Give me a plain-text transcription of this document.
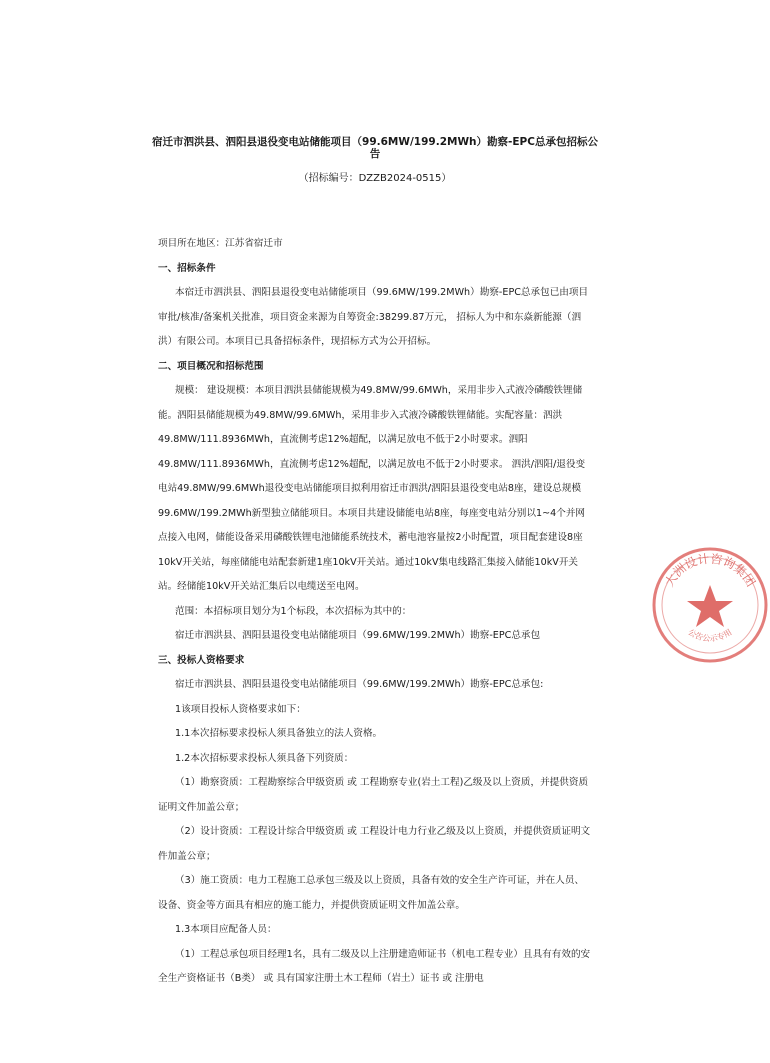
宿迁市泗洪县、泗阳县退役变电站储能项目（99.6MW/199.2MWh）勘察-EPC总承包招标公告
（招标编号：DZZB2024-0515）

项目所在地区：江苏省宿迁市

一、招标条件

本宿迁市泗洪县、泗阳县退役变电站储能项目（99.6MW/199.2MWh）勘察-EPC总承包已由项目审批/核准/备案机关批准，项目资金来源为自筹资金:38299.87万元， 招标人为中和东焱新能源（泗洪）有限公司。本项目已具备招标条件，现招标方式为公开招标。

二、项目概况和招标范围

规模： 建设规模：本项目泗洪县储能规模为49.8MW/99.6MWh，采用非步入式液冷磷酸铁锂储能。泗阳县储能规模为49.8MW/99.6MWh，采用非步入式液冷磷酸铁锂储能。实配容量：泗洪49.8MW/111.8936MWh，直流侧考虑12%超配，以满足放电不低于2小时要求。泗阳49.8MW/111.8936MWh，直流侧考虑12%超配，以满足放电不低于2小时要求。 泗洪/泗阳/退役变电站49.8MW/99.6MWh退役变电站储能项目拟利用宿迁市泗洪/泗阳县退役变电站8座，建设总规模99.6MW/199.2MWh新型独立储能项目。本项目共建设储能电站8座，每座变电站分别以1~4个并网点接入电网，储能设备采用磷酸铁锂电池储能系统技术，蓄电池容量按2小时配置，项目配套建设8座10kV开关站，每座储能电站配套新建1座10kV开关站。通过10kV集电线路汇集接入储能10kV开关站。经储能10kV开关站汇集后以电缆送至电网。

范围：本招标项目划分为1个标段，本次招标为其中的：

宿迁市泗洪县、泗阳县退役变电站储能项目（99.6MW/199.2MWh）勘察-EPC总承包

三、投标人资格要求

宿迁市泗洪县、泗阳县退役变电站储能项目（99.6MW/199.2MWh）勘察-EPC总承包:

1该项目投标人资格要求如下：

1.1本次招标要求投标人须具备独立的法人资格。

1.2本次招标要求投标人须具备下列资质：

（1）勘察资质：工程勘察综合甲级资质 或 工程勘察专业(岩土工程)乙级及以上资质，并提供资质证明文件加盖公章；

（2）设计资质：工程设计综合甲级资质 或 工程设计电力行业乙级及以上资质，并提供资质证明文件加盖公章；

（3）施工资质：电力工程施工总承包三级及以上资质，具备有效的安全生产许可证，并在人员、设备、资金等方面具有相应的施工能力，并提供资质证明文件加盖公章。

1.3本项目应配备人员：

（1）工程总承包项目经理1名，具有二级及以上注册建造师证书（机电工程专业）且具有有效的安全生产资格证书（B类） 或 具有国家注册土木工程师（岩土）证书 或 注册电

大洲设计咨询集团
公告公示专用
